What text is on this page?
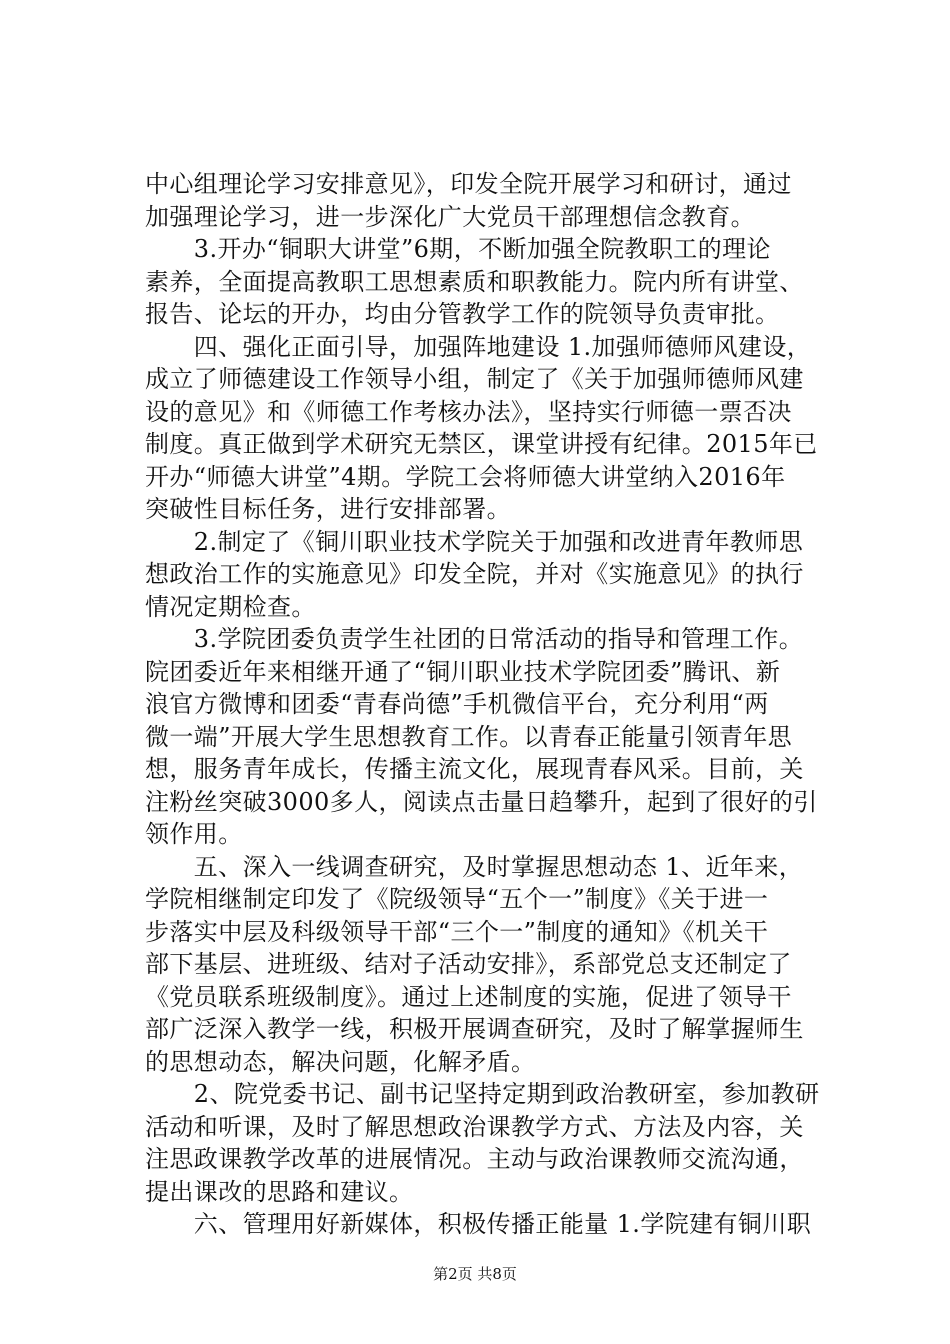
中心组理论学习安排意见》，印发全院开展学习和研讨，通过
加强理论学习，进一步深化广大党员干部理想信念教育。
　　3.开办“铜职大讲堂”6期，不断加强全院教职工的理论
素养，全面提高教职工思想素质和职教能力。院内所有讲堂、
报告、论坛的开办，均由分管教学工作的院领导负责审批。
　　四、强化正面引导，加强阵地建设 1.加强师德师风建设，
成立了师德建设工作领导小组，制定了《关于加强师德师风建
设的意见》和《师德工作考核办法》，坚持实行师德一票否决
制度。真正做到学术研究无禁区，课堂讲授有纪律。2015年已
开办“师德大讲堂”4期。学院工会将师德大讲堂纳入2016年
突破性目标任务，进行安排部署。
　　2.制定了《铜川职业技术学院关于加强和改进青年教师思
想政治工作的实施意见》印发全院，并对《实施意见》的执行
情况定期检查。
　　3.学院团委负责学生社团的日常活动的指导和管理工作。
院团委近年来相继开通了“铜川职业技术学院团委”腾讯、新
浪官方微博和团委“青春尚德”手机微信平台，充分利用“两
微一端”开展大学生思想教育工作。以青春正能量引领青年思
想，服务青年成长，传播主流文化，展现青春风采。目前，关
注粉丝突破3000多人，阅读点击量日趋攀升，起到了很好的引
领作用。
　　五、深入一线调查研究，及时掌握思想动态 1、近年来，
学院相继制定印发了《院级领导“五个一”制度》《关于进一
步落实中层及科级领导干部“三个一”制度的通知》《机关干
部下基层、进班级、结对子活动安排》，系部党总支还制定了
《党员联系班级制度》。通过上述制度的实施，促进了领导干
部广泛深入教学一线，积极开展调查研究，及时了解掌握师生
的思想动态，解决问题，化解矛盾。
　　2、院党委书记、副书记坚持定期到政治教研室，参加教研
活动和听课，及时了解思想政治课教学方式、方法及内容，关
注思政课教学改革的进展情况。主动与政治课教师交流沟通，
提出课改的思路和建议。
　　六、管理用好新媒体，积极传播正能量 1.学院建有铜川职
第2页 共8页
